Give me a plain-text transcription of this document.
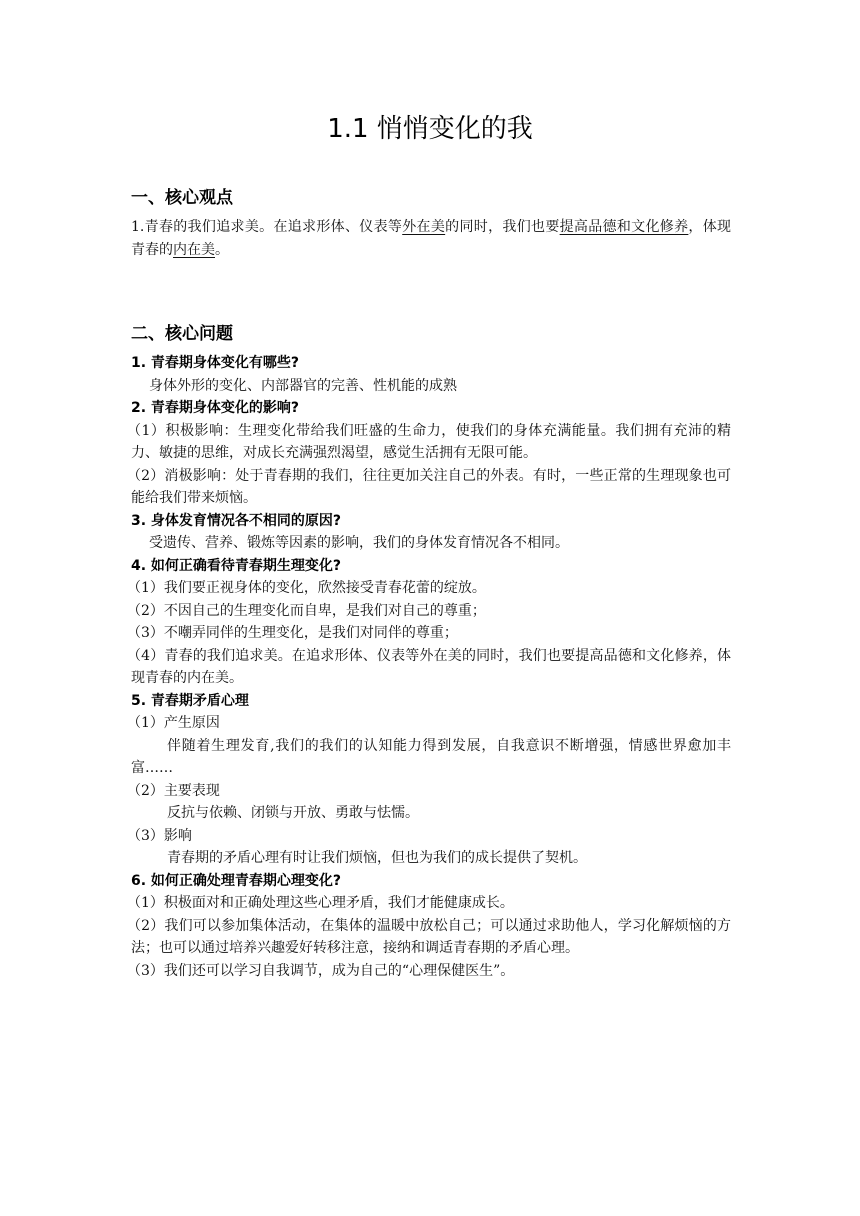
1.1 悄悄变化的我
一、核心观点
1.青春的我们追求美。在追求形体、仪表等外在美的同时，我们也要提高品德和文化修养，体现青春的内在美。
二、核心问题
1. 青春期身体变化有哪些?
身体外形的变化、内部器官的完善、性机能的成熟
2. 青春期身体变化的影响?
（1）积极影响：生理变化带给我们旺盛的生命力，使我们的身体充满能量。我们拥有充沛的精力、敏捷的思维，对成长充满强烈渴望，感觉生活拥有无限可能。
（2）消极影响：处于青春期的我们，往往更加关注自己的外表。有时，一些正常的生理现象也可能给我们带来烦恼。
3. 身体发育情况各不相同的原因?
受遗传、营养、锻炼等因素的影响，我们的身体发育情况各不相同。
4. 如何正确看待青春期生理变化?
（1）我们要正视身体的变化，欣然接受青春花蕾的绽放。
（2）不因自己的生理变化而自卑，是我们对自己的尊重；
（3）不嘲弄同伴的生理变化，是我们对同伴的尊重；
（4）青春的我们追求美。在追求形体、仪表等外在美的同时，我们也要提高品德和文化修养，体现青春的内在美。
5. 青春期矛盾心理
（1）产生原因
伴随着生理发育,我们的我们的认知能力得到发展，自我意识不断增强，情感世界愈加丰富……
（2）主要表现
反抗与依赖、闭锁与开放、勇敢与怯懦。
（3）影响
青春期的矛盾心理有时让我们烦恼，但也为我们的成长提供了契机。
6. 如何正确处理青春期心理变化?
（1）积极面对和正确处理这些心理矛盾，我们才能健康成长。
（2）我们可以参加集体活动，在集体的温暖中放松自己；可以通过求助他人，学习化解烦恼的方法；也可以通过培养兴趣爱好转移注意，接纳和调适青春期的矛盾心理。
（3）我们还可以学习自我调节，成为自己的“心理保健医生”。
